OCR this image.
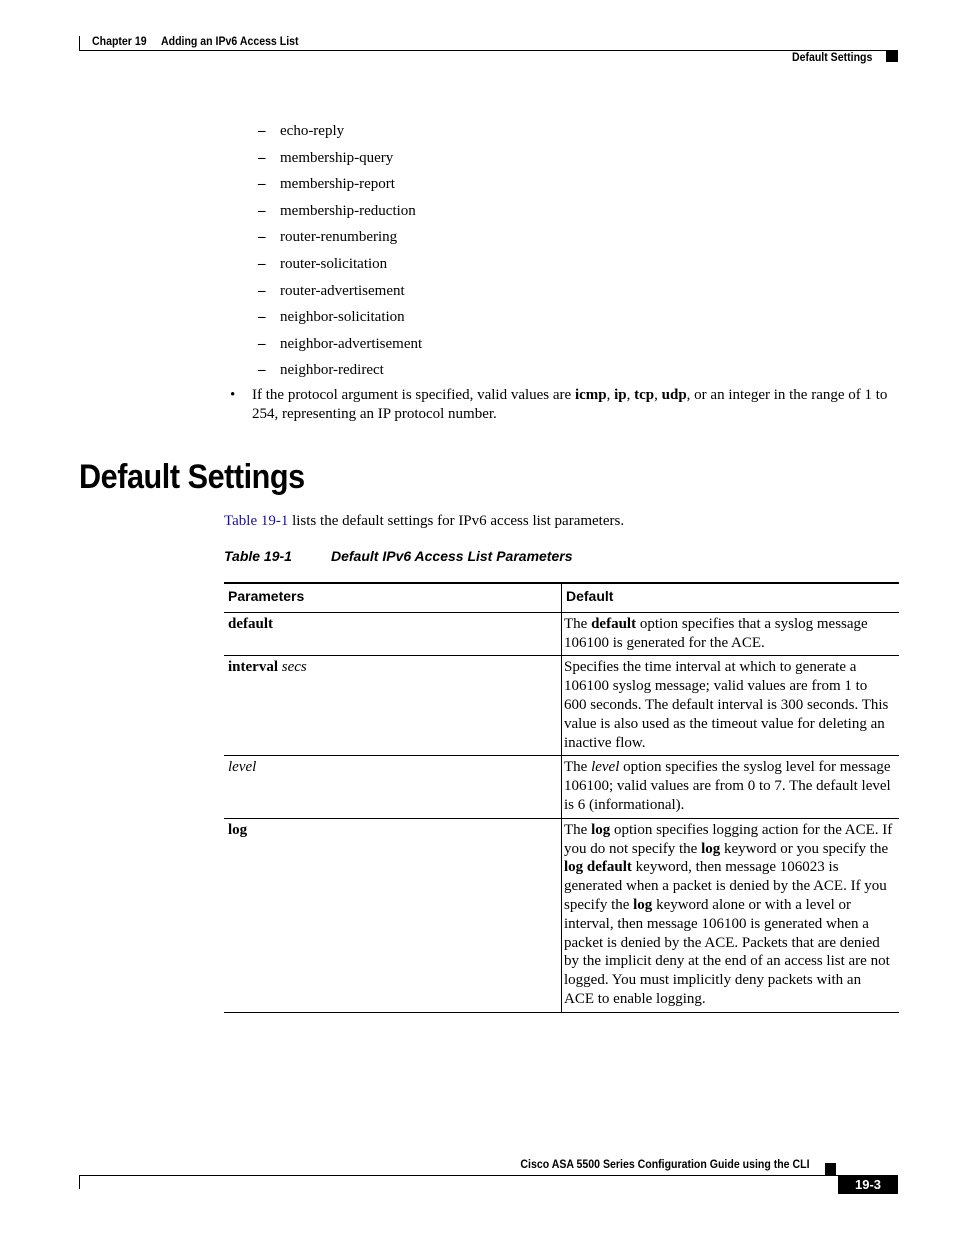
Chapter 19 Adding an IPv6 Access List
Default Settings
– echo-reply
– membership-query
– membership-report
– membership-reduction
– router-renumbering
– router-solicitation
– router-advertisement
– neighbor-solicitation
– neighbor-advertisement
– neighbor-redirect
• If the protocol argument is specified, valid values are icmp, ip, tcp, udp, or an integer in the range of 1 to 254, representing an IP protocol number.
Default Settings
Table 19-1 lists the default settings for IPv6 access list parameters.
Table 19-1	Default IPv6 Access List Parameters
Parameters	Default
default	The default option specifies that a syslog message 106100 is generated for the ACE.
interval secs	Specifies the time interval at which to generate a 106100 syslog message; valid values are from 1 to 600 seconds. The default interval is 300 seconds. This value is also used as the timeout value for deleting an inactive flow.
level	The level option specifies the syslog level for message 106100; valid values are from 0 to 7. The default level is 6 (informational).
log	The log option specifies logging action for the ACE. If you do not specify the log keyword or you specify the log default keyword, then message 106023 is generated when a packet is denied by the ACE. If you specify the log keyword alone or with a level or interval, then message 106100 is generated when a packet is denied by the ACE. Packets that are denied by the implicit deny at the end of an access list are not logged. You must implicitly deny packets with an ACE to enable logging.
Cisco ASA 5500 Series Configuration Guide using the CLI
19-3
